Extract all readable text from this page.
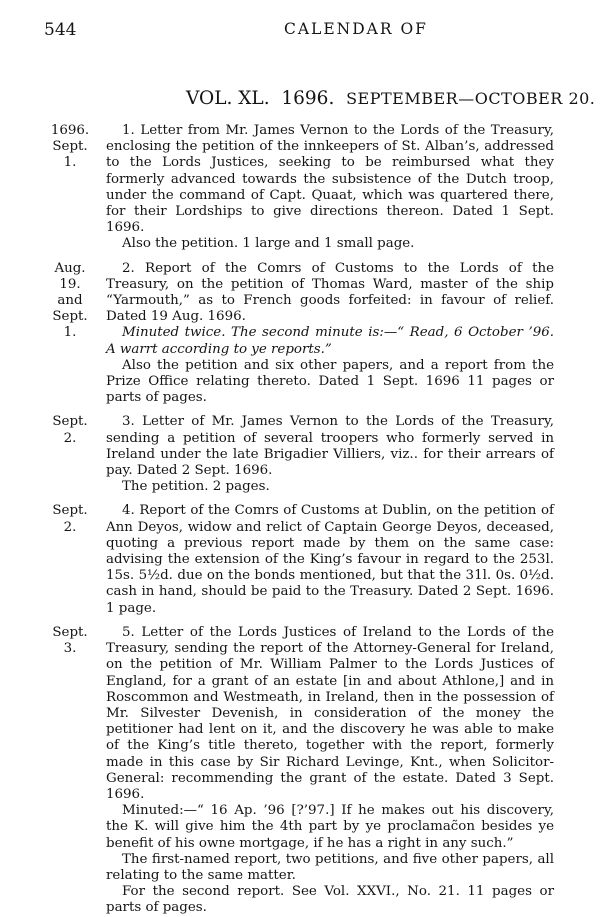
544	CALENDAR OF
VOL. XL. 1696. SEPTEMBER—OCTOBER 20.
1696.
Sept. 1.

1. Letter from Mr. James Vernon to the Lords of the Treasury, enclosing the petition of the innkeepers of St. Alban’s, addressed to the Lords Justices, seeking to be reimbursed what they formerly advanced towards the subsistence of the Dutch troop, under the command of Capt. Quaat, which was quartered there, for their Lordships to give directions thereon. Dated 1 Sept. 1696.

Also the petition. 1 large and 1 small page.

Aug. 19.
and
Sept. 1.

2. Report of the Comrs of Customs to the Lords of the Treasury, on the petition of Thomas Ward, master of the ship “Yarmouth,” as to French goods forfeited: in favour of relief. Dated 19 Aug. 1696.

Minuted twice. The second minute is:—“ Read, 6 October ’96. A warrt according to ye reports.”

Also the petition and six other papers, and a report from the Prize Office relating thereto. Dated 1 Sept. 1696 11 pages or parts of pages.

Sept. 2.

3. Letter of Mr. James Vernon to the Lords of the Treasury, sending a petition of several troopers who formerly served in Ireland under the late Brigadier Villiers, viz.. for their arrears of pay. Dated 2 Sept. 1696.

The petition. 2 pages.

Sept. 2.

4. Report of the Comrs of Customs at Dublin, on the petition of Ann Deyos, widow and relict of Captain George Deyos, deceased, quoting a previous report made by them on the same case: advising the extension of the King’s favour in regard to the 253l. 15s. 5½d. due on the bonds mentioned, but that the 31l. 0s. 0½d. cash in hand, should be paid to the Treasury. Dated 2 Sept. 1696. 1 page.

Sept. 3.

5. Letter of the Lords Justices of Ireland to the Lords of the Treasury, sending the report of the Attorney-General for Ireland, on the petition of Mr. William Palmer to the Lords Justices of England, for a grant of an estate [in and about Athlone,] and in Roscommon and Westmeath, in Ireland, then in the possession of Mr. Silvester Devenish, in consideration of the money the petitioner had lent on it, and the discovery he was able to make of the King’s title thereto, together with the report, formerly made in this case by Sir Richard Levinge, Knt., when Solicitor-General: recommending the grant of the estate. Dated 3 Sept. 1696.

Minuted:—“ 16 Ap. ’96 [?’97.] If he makes out his discovery, the K. will give him the 4th part by ye proclamac̃on besides ye benefit of his owne mortgage, if he has a right in any such.”

The first-named report, two petitions, and five other papers, all relating to the same matter.

For the second report. See Vol. XXVI., No. 21. 11 pages or parts of pages.
